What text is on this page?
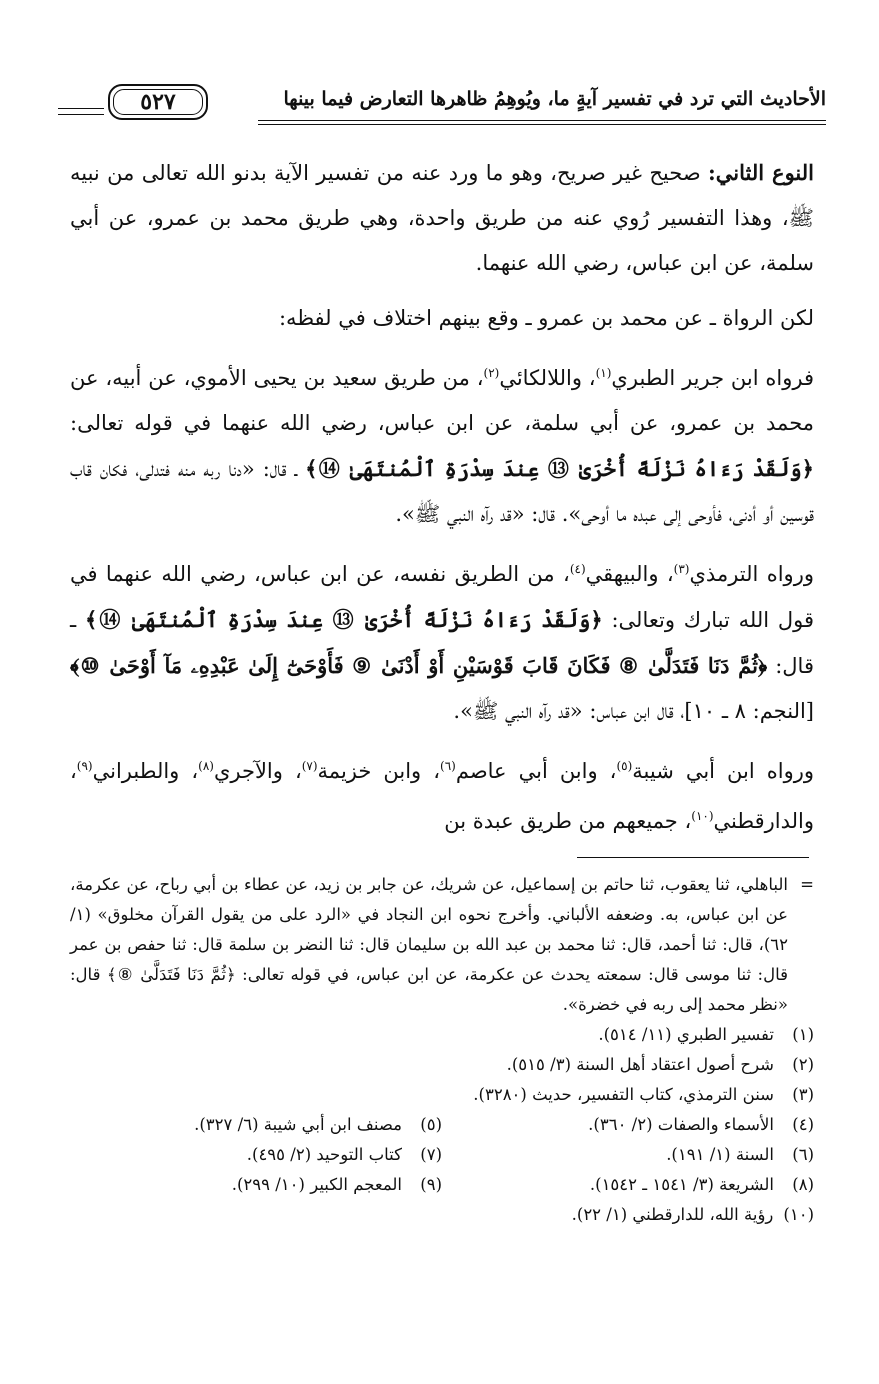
الأحاديث التي ترد في تفسير آيةٍ ما، ويُوهِمُ ظاهرها التعارض فيما بينها
٥٢٧

النوع الثاني: صحيح غير صريح، وهو ما ورد عنه من تفسير الآية بدنو الله تعالى من نبيه ﷺ، وهذا التفسير رُوي عنه من طريق واحدة، وهي طريق محمد بن عمرو، عن أبي سلمة، عن ابن عباس، رضي الله عنهما.

لكن الرواة ـ عن محمد بن عمرو ـ وقع بينهم اختلاف في لفظه:

فرواه ابن جرير الطبري$^{(١)}$، واللالكائي$^{(٢)}$، من طريق سعيد بن يحيى الأموي، عن أبيه، عن محمد بن عمرو، عن أبي سلمة، عن ابن عباس، رضي الله عنهما في قوله تعالى: ﴿وَلَقَدْ رَءَاهُ نَزْلَةً أُخْرَىٰ ⑬ عِندَ سِدْرَةِ ٱلْمُنتَهَىٰ ⑭﴾ ـ قال: «دنا ربه منه فتدلى، فكان قاب قوسين أو أدنى، فأوحى إلى عبده ما أوحى». قال: «قد رآه النبي ﷺ».

ورواه الترمذي$^{(٣)}$، والبيهقي$^{(٤)}$، من الطريق نفسه، عن ابن عباس، رضي الله عنهما في قول الله تبارك وتعالى: ﴿وَلَقَدْ رَءَاهُ نَزْلَةً أُخْرَىٰ ⑬ عِندَ سِدْرَةِ ٱلْمُنتَهَىٰ ⑭﴾ ـ قال: ﴿ثُمَّ دَنَا فَتَدَلَّىٰ ⑧ فَكَانَ قَابَ قَوْسَيْنِ أَوْ أَدْنَىٰ ⑨ فَأَوْحَىٰٓ إِلَىٰ عَبْدِهِۦ مَآ أَوْحَىٰ ⑩﴾ [النجم: ٨ ـ ١٠]، قال ابن عباس: «قد رآه النبي ﷺ».

ورواه ابن أبي شيبة$^{(٥)}$، وابن أبي عاصم$^{(٦)}$، وابن خزيمة$^{(٧)}$، والآجري$^{(٨)}$، والطبراني$^{(٩)}$، والدارقطني$^{(١٠)}$، جميعهم من طريق عبدة بن

=
الباهلي، ثنا يعقوب، ثنا حاتم بن إسماعيل، عن شريك، عن جابر بن زيد، عن عطاء بن أبي رباح، عن عكرمة، عن ابن عباس، به. وضعفه الألباني. وأخرج نحوه ابن النجاد في «الرد على من يقول القرآن مخلوق» (١/ ٦٢)، قال: ثنا أحمد، قال: ثنا محمد بن عبد الله بن سليمان قال: ثنا النضر بن سلمة قال: ثنا حفص بن عمر قال: ثنا موسى قال: سمعته يحدث عن عكرمة، عن ابن عباس، في قوله تعالى: ﴿ثُمَّ دَنَا فَتَدَلَّىٰ ⑧﴾ قال: «نظر محمد إلى ربه في خضرة».
(١)
تفسير الطبري (١١/ ٥١٤).
(٢)
شرح أصول اعتقاد أهل السنة (٣/ ٥١٥).
(٣)
سنن الترمذي، كتاب التفسير، حديث (٣٢٨٠).
(٤)
الأسماء والصفات (٢/ ٣٦٠).
(٥)
مصنف ابن أبي شيبة (٦/ ٣٢٧).
(٦)
السنة (١/ ١٩١).
(٧)
كتاب التوحيد (٢/ ٤٩٥).
(٨)
الشريعة (٣/ ١٥٤١ ـ ١٥٤٢).
(٩)
المعجم الكبير (١٠/ ٢٩٩).
(١٠)
رؤية الله، للدارقطني (١/ ٢٢).
